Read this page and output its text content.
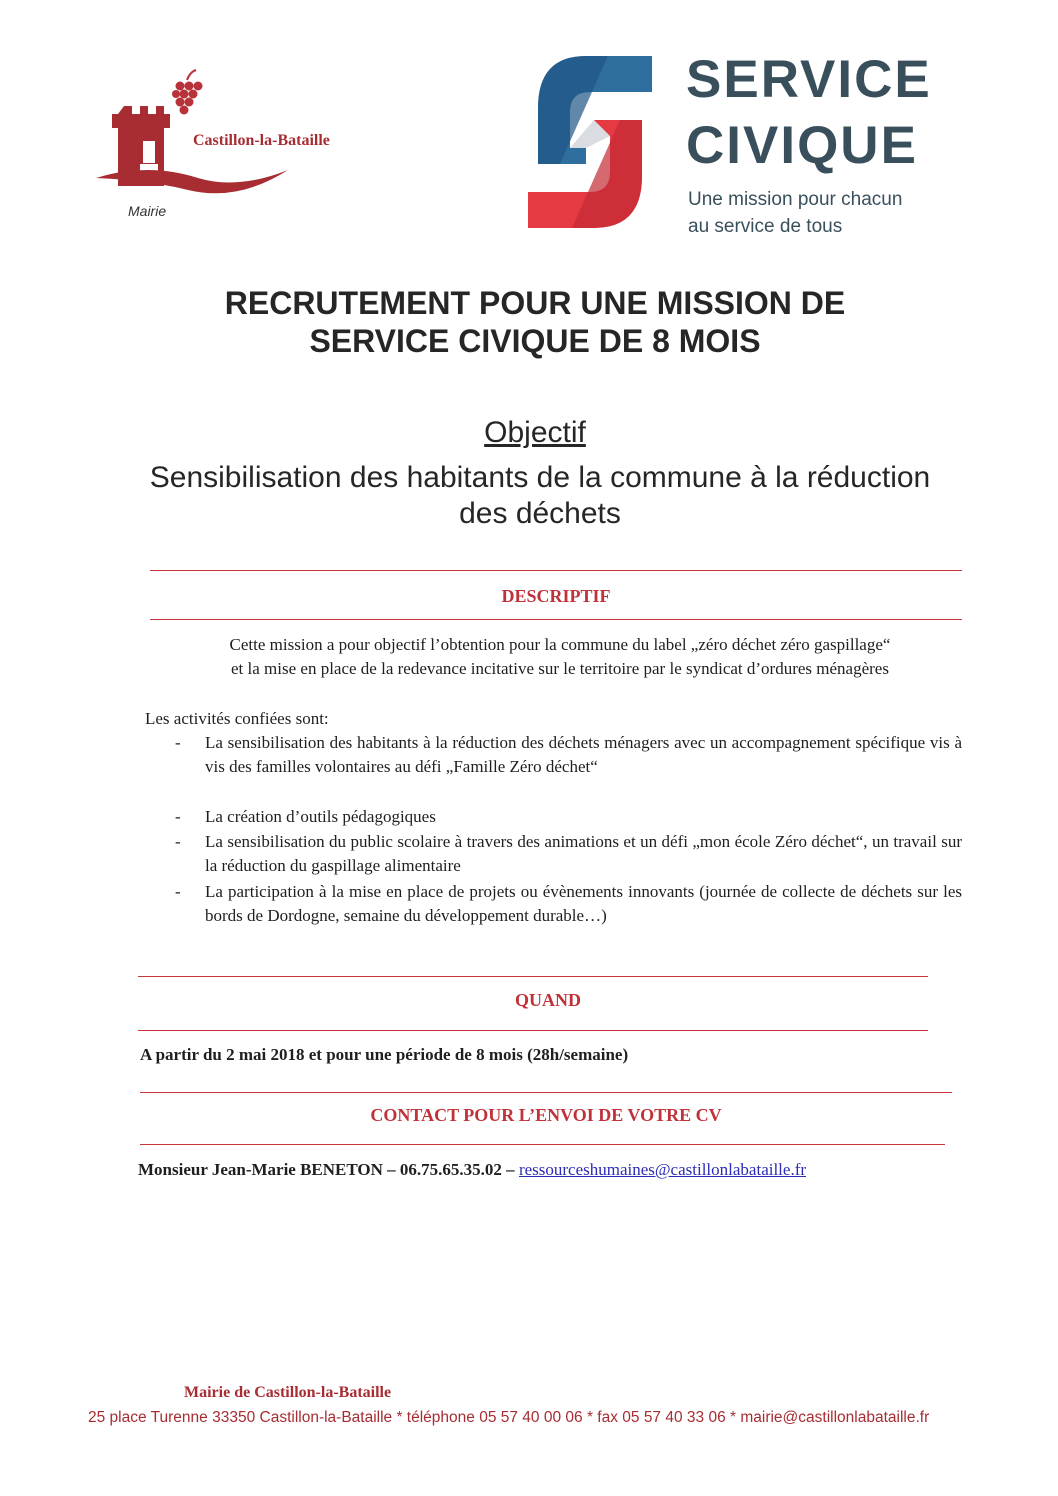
Castillon-la-Bataille
Mairie
SERVICE
CIVIQUE
Une mission pour chacun
au service de tous
RECRUTEMENT POUR UNE MISSION DE
SERVICE CIVIQUE DE 8 MOIS
Objectif
Sensibilisation des habitants de la commune à la réduction des déchets
DESCRIPTIF
Cette mission a pour objectif l’obtention pour la commune du label „zéro déchet zéro gaspillage“
et la mise en place de la redevance incitative sur le territoire par le syndicat d’ordures ménagères
Les activités confiées sont:
- La sensibilisation des habitants à la réduction des déchets ménagers avec un accompagnement spécifique vis à vis des familles volontaires au défi „Famille Zéro déchet“
- La création d’outils pédagogiques
- La sensibilisation du public scolaire à travers des animations et un défi „mon école Zéro déchet“, un travail sur la réduction du gaspillage alimentaire
- La participation à la mise en place de projets ou évènements innovants (journée de collecte de déchets sur les bords de Dordogne, semaine du développement durable…)
QUAND
A partir du 2 mai 2018 et pour une période de 8 mois (28h/semaine)
CONTACT POUR L’ENVOI DE VOTRE CV
Monsieur Jean-Marie BENETON – 06.75.65.35.02 – ressourceshumaines@castillonlabataille.fr
Mairie de Castillon-la-Bataille
25 place Turenne 33350 Castillon-la-Bataille * téléphone 05 57 40 00 06 * fax 05 57 40 33 06 * mairie@castillonlabataille.fr
